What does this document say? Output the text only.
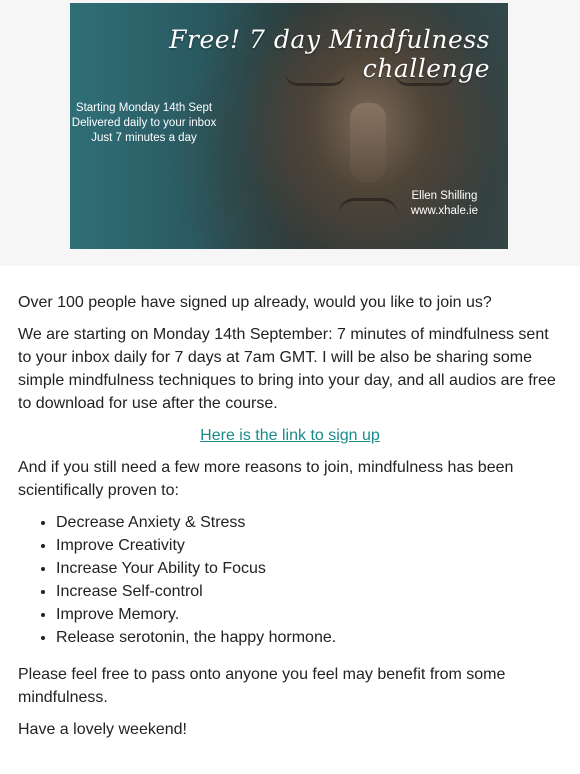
Free! 7 day Mindfulness challenge
Starting Monday 14th Sept
Delivered daily to your inbox
Just 7 minutes a day
Ellen Shilling
www.xhale.ie

Over 100 people have signed up already, would you like to join us?

We are starting on Monday 14th September: 7 minutes of mindfulness sent to your inbox daily for 7 days at 7am GMT. I will be also be sharing some simple mindfulness techniques to bring into your day, and all audios are free to download for use after the course.

Here is the link to sign up

And if you still need a few more reasons to join, mindfulness has been scientifically proven to:

• Decrease Anxiety & Stress
• Improve Creativity
• Increase Your Ability to Focus
• Increase Self-control
• Improve Memory.
• Release serotonin, the happy hormone.

Please feel free to pass onto anyone you feel may benefit from some mindfulness.

Have a lovely weekend!
